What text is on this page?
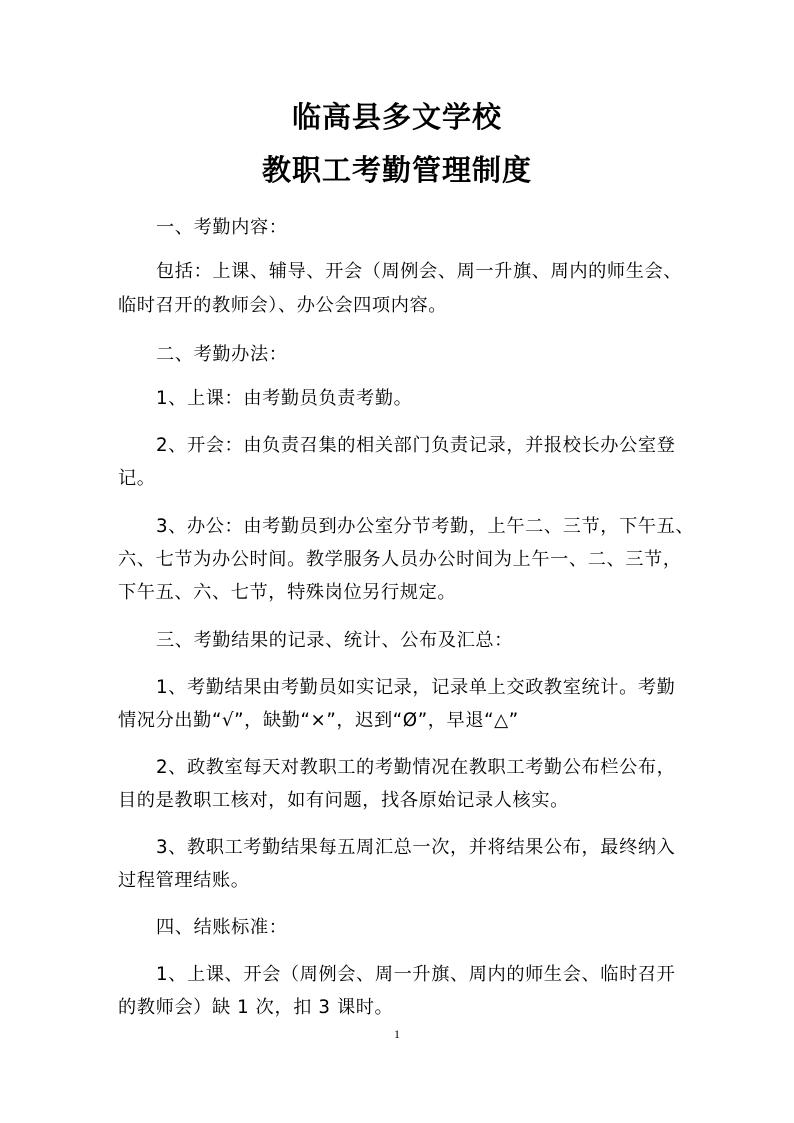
临高县多文学校
教职工考勤管理制度
一、考勤内容：
包括：上课、辅导、开会（周例会、周一升旗、周内的师生会、
临时召开的教师会）、办公会四项内容。
二、考勤办法：
1、上课：由考勤员负责考勤。
2、开会：由负责召集的相关部门负责记录，并报校长办公室登
记。
3、办公：由考勤员到办公室分节考勤，上午二、三节，下午五、
六、七节为办公时间。教学服务人员办公时间为上午一、二、三节，
下午五、六、七节，特殊岗位另行规定。
三、考勤结果的记录、统计、公布及汇总：
1、考勤结果由考勤员如实记录，记录单上交政教室统计。考勤
情况分出勤“√”，缺勤“×”，迟到“Ø”，早退“△”
2、政教室每天对教职工的考勤情况在教职工考勤公布栏公布，
目的是教职工核对，如有问题，找各原始记录人核实。
3、教职工考勤结果每五周汇总一次，并将结果公布，最终纳入
过程管理结账。
四、结账标准：
1、上课、开会（周例会、周一升旗、周内的师生会、临时召开
的教师会）缺 1 次，扣 3 课时。
1
